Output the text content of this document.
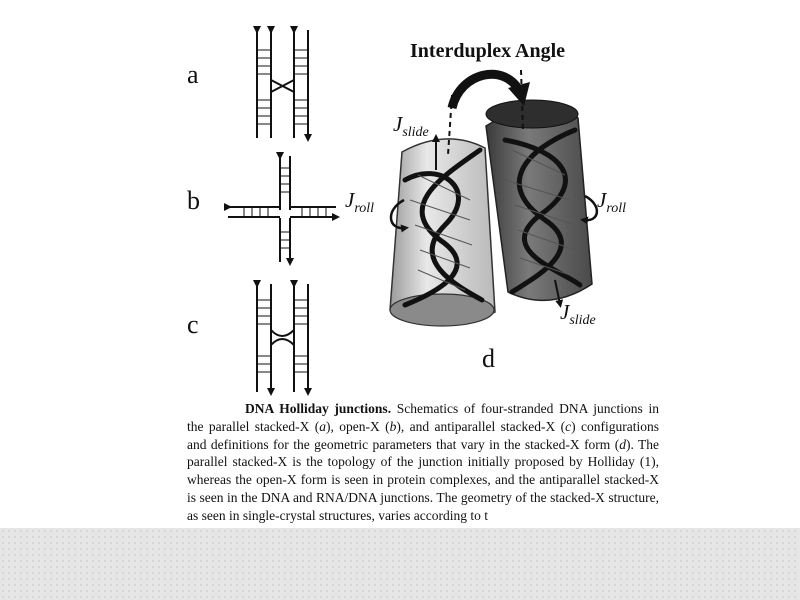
a
b
c
d
Interduplex Angle
$J_{slide}$
$J_{roll}$	$J_{roll}$
$J_{slide}$
DNA Holliday junctions. Schematics of four-stranded DNA junctions in the parallel stacked-X (a), open-X (b), and antiparallel stacked-X (c) configurations and definitions for the geometric parameters that vary in the stacked-X form (d). The parallel stacked-X is the topology of the junction initially proposed by Holliday (1), whereas the open-X form is seen in protein complexes, and the antiparallel stacked-X is seen in the DNA and RNA/DNA junctions. The geometry of the stacked-X structure, as seen in single-crystal structures, varies according to t
